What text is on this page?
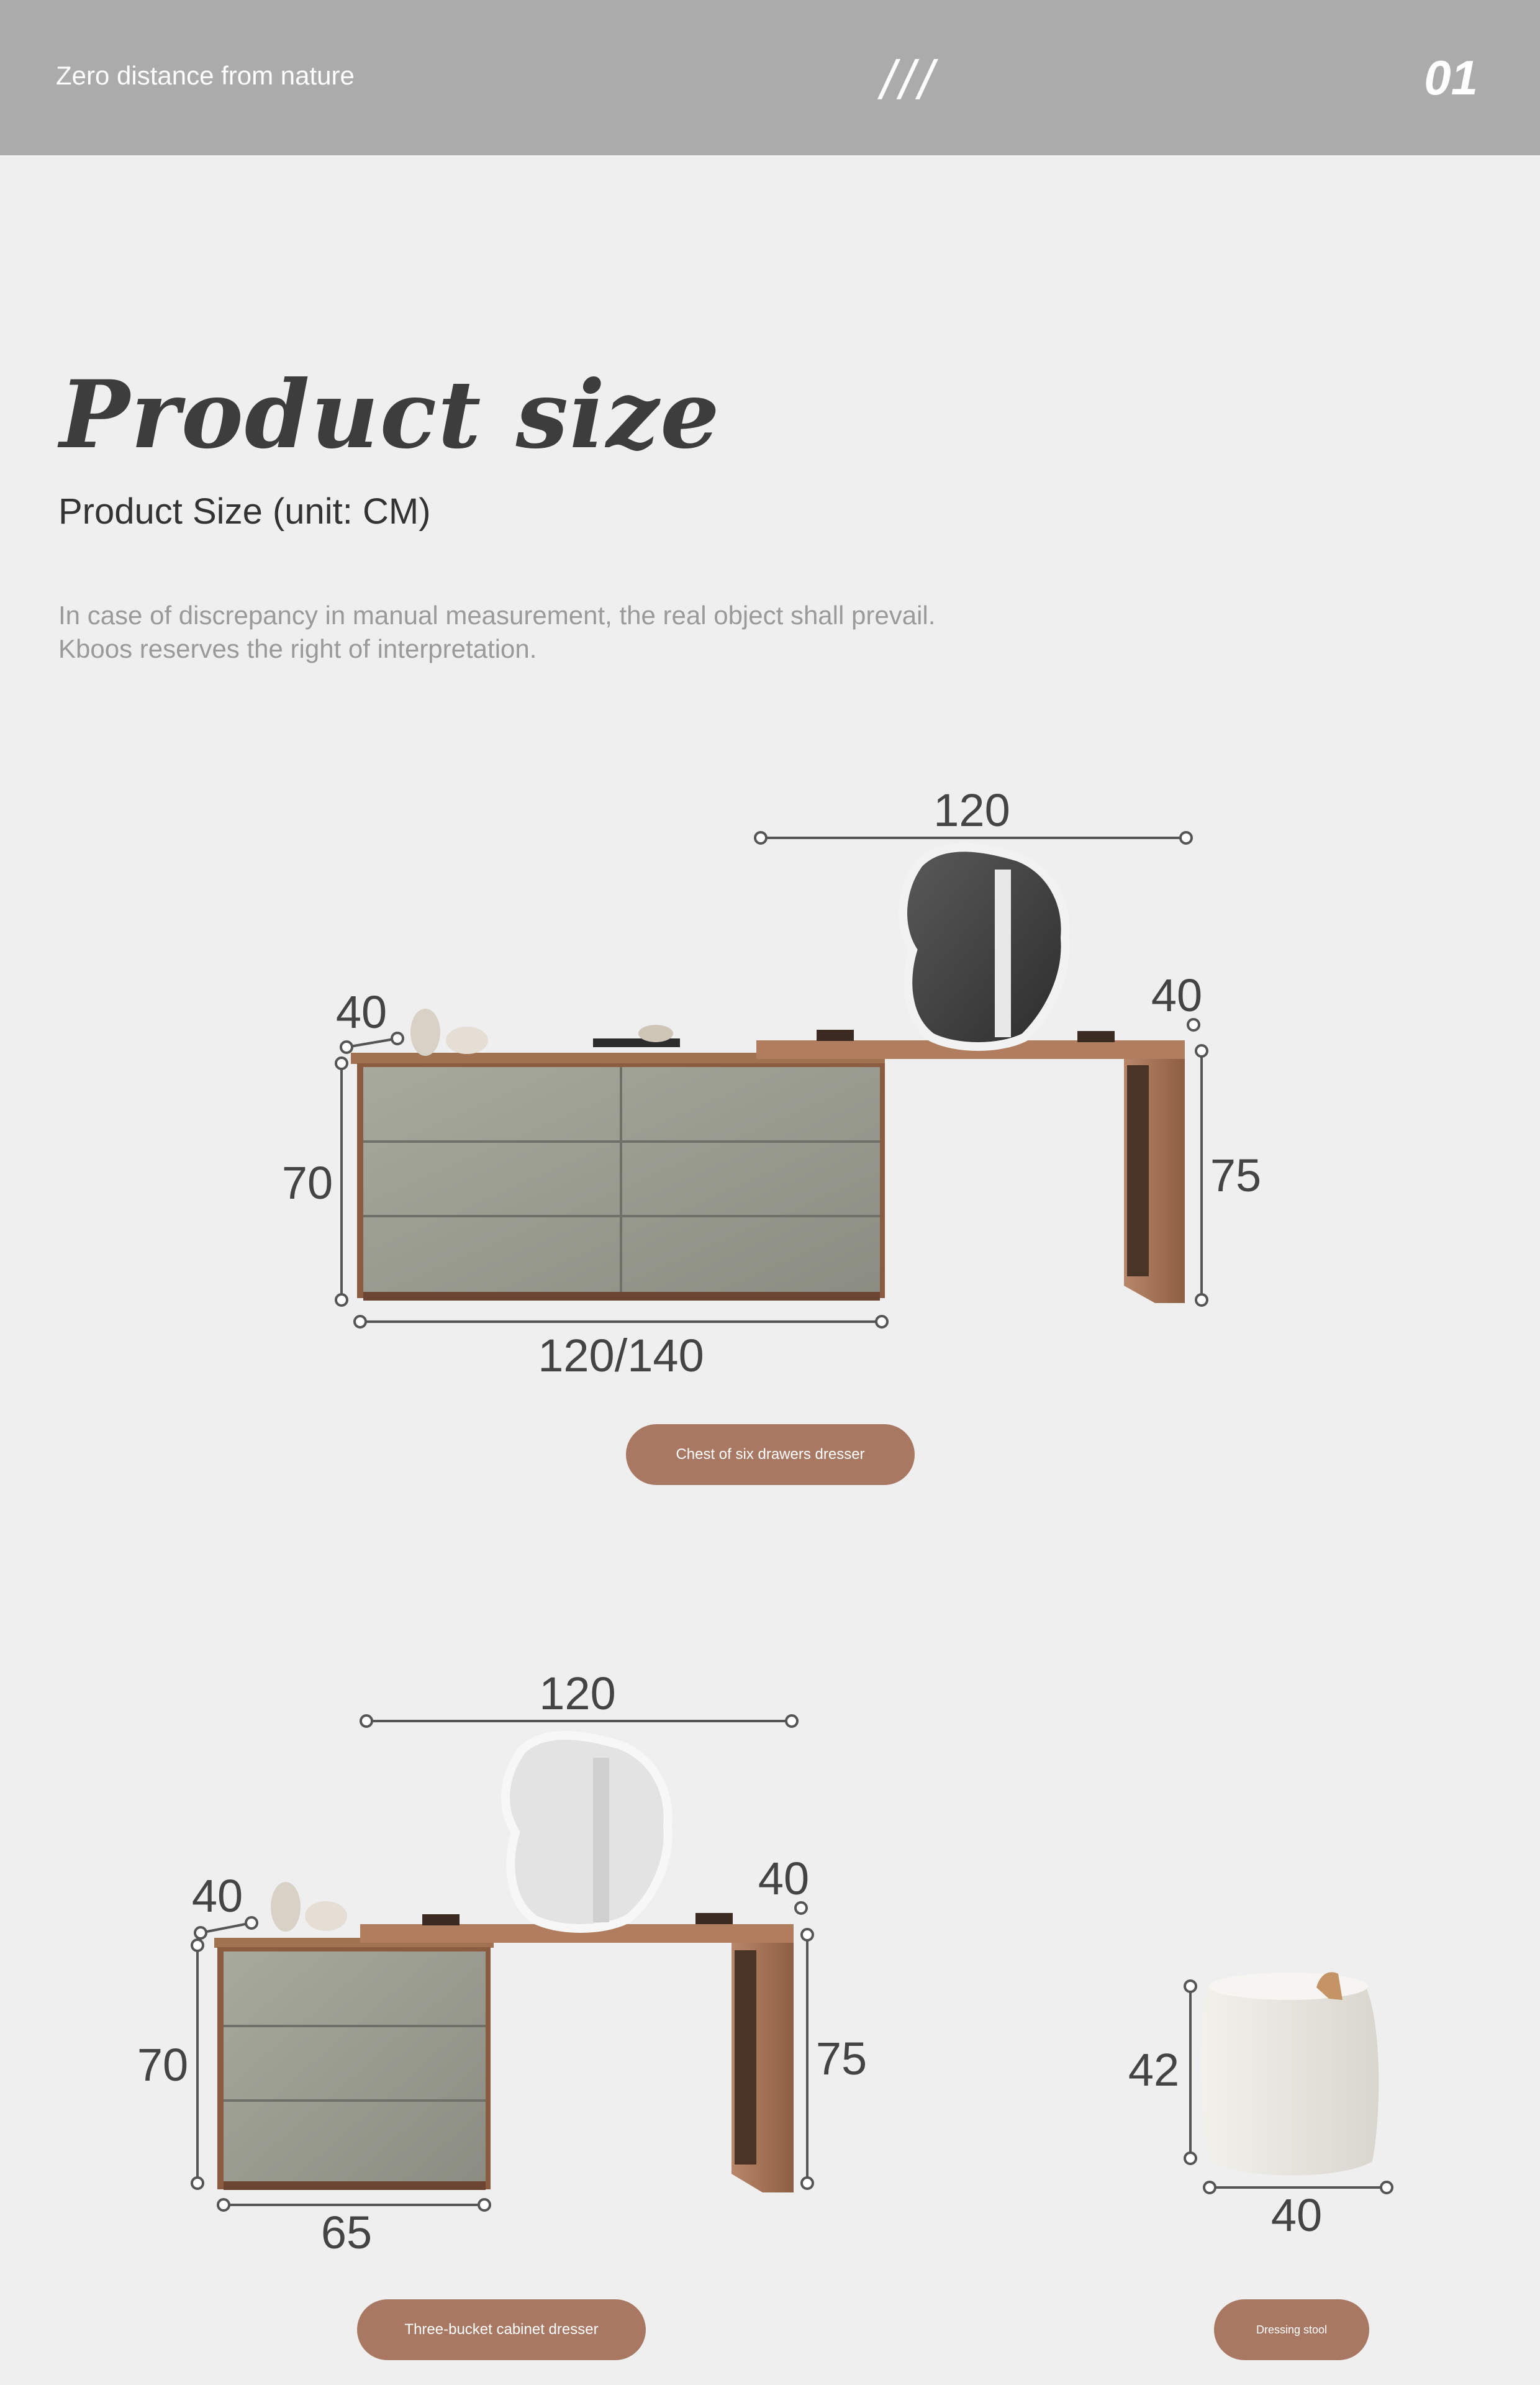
Zero distance from nature	///	01
Product size
Product Size (unit: CM)
In case of discrepancy in manual measurement, the real object shall prevail.
Kboos reserves the right of interpretation.
120
40	40
70	75
120/140
120
40	40
70	75
65
42
40
Chest of six drawers dresser
Three-bucket cabinet dresser	Dressing stool
